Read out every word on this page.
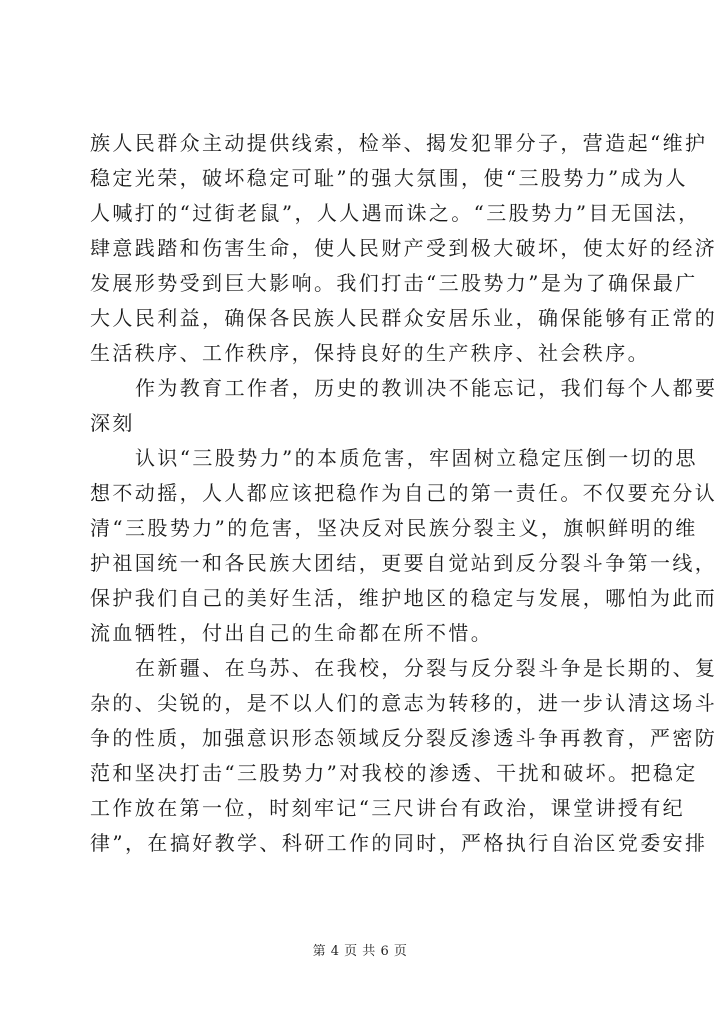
族人民群众主动提供线索，检举、揭发犯罪分子，营造起“维护
稳定光荣，破坏稳定可耻”的强大氛围，使“三股势力”成为人
人喊打的“过街老鼠”，人人遇而诛之。“三股势力”目无国法，
肆意践踏和伤害生命，使人民财产受到极大破坏，使太好的经济
发展形势受到巨大影响。我们打击“三股势力”是为了确保最广
大人民利益，确保各民族人民群众安居乐业，确保能够有正常的
生活秩序、工作秩序，保持良好的生产秩序、社会秩序。

作为教育工作者，历史的教训决不能忘记，我们每个人都要
深刻

认识“三股势力”的本质危害，牢固树立稳定压倒一切的思
想不动摇，人人都应该把稳作为自己的第一责任。不仅要充分认
清“三股势力”的危害，坚决反对民族分裂主义，旗帜鲜明的维
护祖国统一和各民族大团结，更要自觉站到反分裂斗争第一线，
保护我们自己的美好生活，维护地区的稳定与发展，哪怕为此而
流血牺牲，付出自己的生命都在所不惜。

在新疆、在乌苏、在我校，分裂与反分裂斗争是长期的、复
杂的、尖锐的，是不以人们的意志为转移的，进一步认清这场斗
争的性质，加强意识形态领域反分裂反渗透斗争再教育，严密防
范和坚决打击“三股势力”对我校的渗透、干扰和破坏。把稳定
工作放在第一位，时刻牢记“三尺讲台有政治，课堂讲授有纪
律”，在搞好教学、科研工作的同时，严格执行自治区党委安排

第 4 页 共 6 页
